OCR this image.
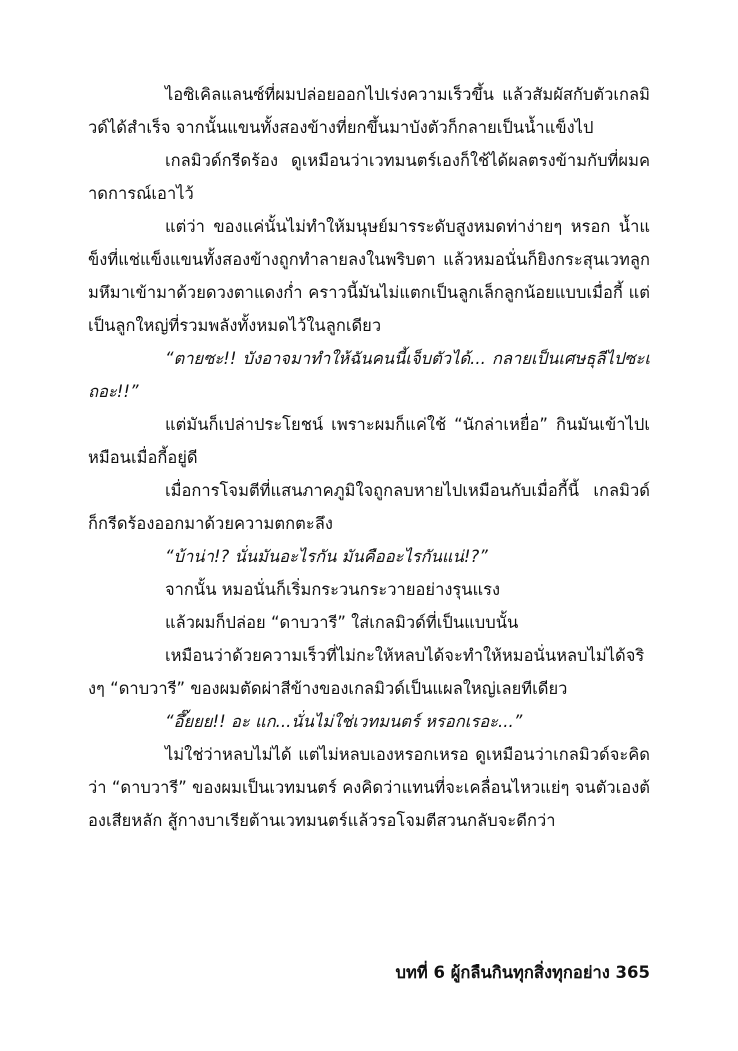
ไอซิเคิลแลนซ์ที่ผมปล่อยออกไปเร่งความเร็วขึ้น แล้วสัมผัสกับตัวเกลมิวด์ได้สำเร็จ จากนั้นแขนทั้งสองข้างที่ยกขึ้นมาบังตัวก็กลายเป็นน้ำแข็งไป

เกลมิวด์กรีดร้อง ดูเหมือนว่าเวทมนตร์เองก็ใช้ได้ผลตรงข้ามกับที่ผมคาดการณ์เอาไว้

แต่ว่า ของแค่นั้นไม่ทำให้มนุษย์มารระดับสูงหมดท่าง่ายๆ หรอก น้ำแข็งที่แช่แข็งแขนทั้งสองข้างถูกทำลายลงในพริบตา แล้วหมอนั่นก็ยิงกระสุนเวทลูกมหึมาเข้ามาด้วยดวงตาแดงก่ำ คราวนี้มันไม่แตกเป็นลูกเล็กลูกน้อยแบบเมื่อกี้ แต่เป็นลูกใหญ่ที่รวมพลังทั้งหมดไว้ในลูกเดียว

“ตายซะ!! บังอาจมาทำให้ฉันคนนี้เจ็บตัวได้... กลายเป็นเศษธุลีไปซะเถอะ!!”

แต่มันก็เปล่าประโยชน์ เพราะผมก็แค่ใช้ “นักล่าเหยื่อ” กินมันเข้าไปเหมือนเมื่อกี้อยู่ดี

เมื่อการโจมตีที่แสนภาคภูมิใจถูกลบหายไปเหมือนกับเมื่อกี้นี้ เกลมิวด์ก็กรีดร้องออกมาด้วยความตกตะลึง

“บ้าน่า!? นั่นมันอะไรกัน มันคืออะไรกันแน่!?”

จากนั้น หมอนั่นก็เริ่มกระวนกระวายอย่างรุนแรง

แล้วผมก็ปล่อย “ดาบวารี” ใส่เกลมิวด์ที่เป็นแบบนั้น

เหมือนว่าด้วยความเร็วที่ไม่กะให้หลบได้จะทำให้หมอนั่นหลบไม่ได้จริงๆ “ดาบวารี” ของผมตัดผ่าสีข้างของเกลมิวด์เป็นแผลใหญ่เลยทีเดียว

“อึ๊ยยย!! อะ แก...นั่นไม่ใช่เวทมนตร์ หรอกเรอะ...”

ไม่ใช่ว่าหลบไม่ได้ แต่ไม่หลบเองหรอกเหรอ ดูเหมือนว่าเกลมิวด์จะคิดว่า “ดาบวารี” ของผมเป็นเวทมนตร์ คงคิดว่าแทนที่จะเคลื่อนไหวแย่ๆ จนตัวเองต้องเสียหลัก สู้กางบาเรียต้านเวทมนตร์แล้วรอโจมตีสวนกลับจะดีกว่า

บทที่ 6 ผู้กลืนกินทุกสิ่งทุกอย่าง 365
